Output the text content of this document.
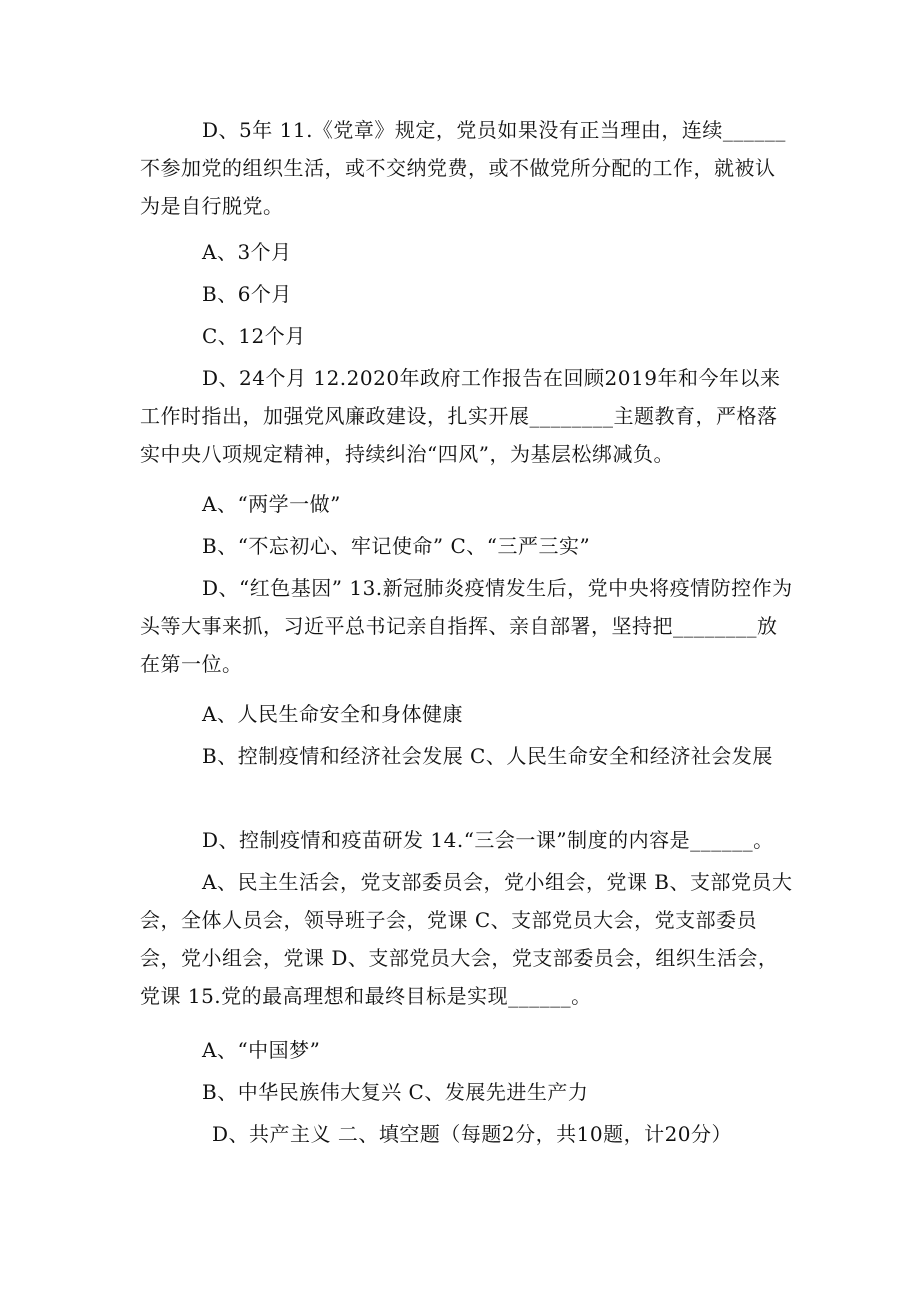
D、5年 11.《党章》规定，党员如果没有正当理由，连续______不参加党的组织生活，或不交纳党费，或不做党所分配的工作，就被认为是自行脱党。
A、3个月
B、6个月
C、12个月
D、24个月 12.2020年政府工作报告在回顾2019年和今年以来工作时指出，加强党风廉政建设，扎实开展________主题教育，严格落实中央八项规定精神，持续纠治“四风”，为基层松绑减负。
A、“两学一做”
B、“不忘初心、牢记使命” C、“三严三实”
D、“红色基因” 13.新冠肺炎疫情发生后，党中央将疫情防控作为头等大事来抓，习近平总书记亲自指挥、亲自部署，坚持把________放在第一位。
A、人民生命安全和身体健康
B、控制疫情和经济社会发展 C、人民生命安全和经济社会发展
D、控制疫情和疫苗研发 14.“三会一课”制度的内容是______。
A、民主生活会，党支部委员会，党小组会，党课 B、支部党员大会，全体人员会，领导班子会，党课 C、支部党员大会，党支部委员会，党小组会，党课 D、支部党员大会，党支部委员会，组织生活会，党课 15.党的最高理想和最终目标是实现______。
A、“中国梦”
B、中华民族伟大复兴 C、发展先进生产力
D、共产主义 二、填空题（每题2分，共10题，计20分）
